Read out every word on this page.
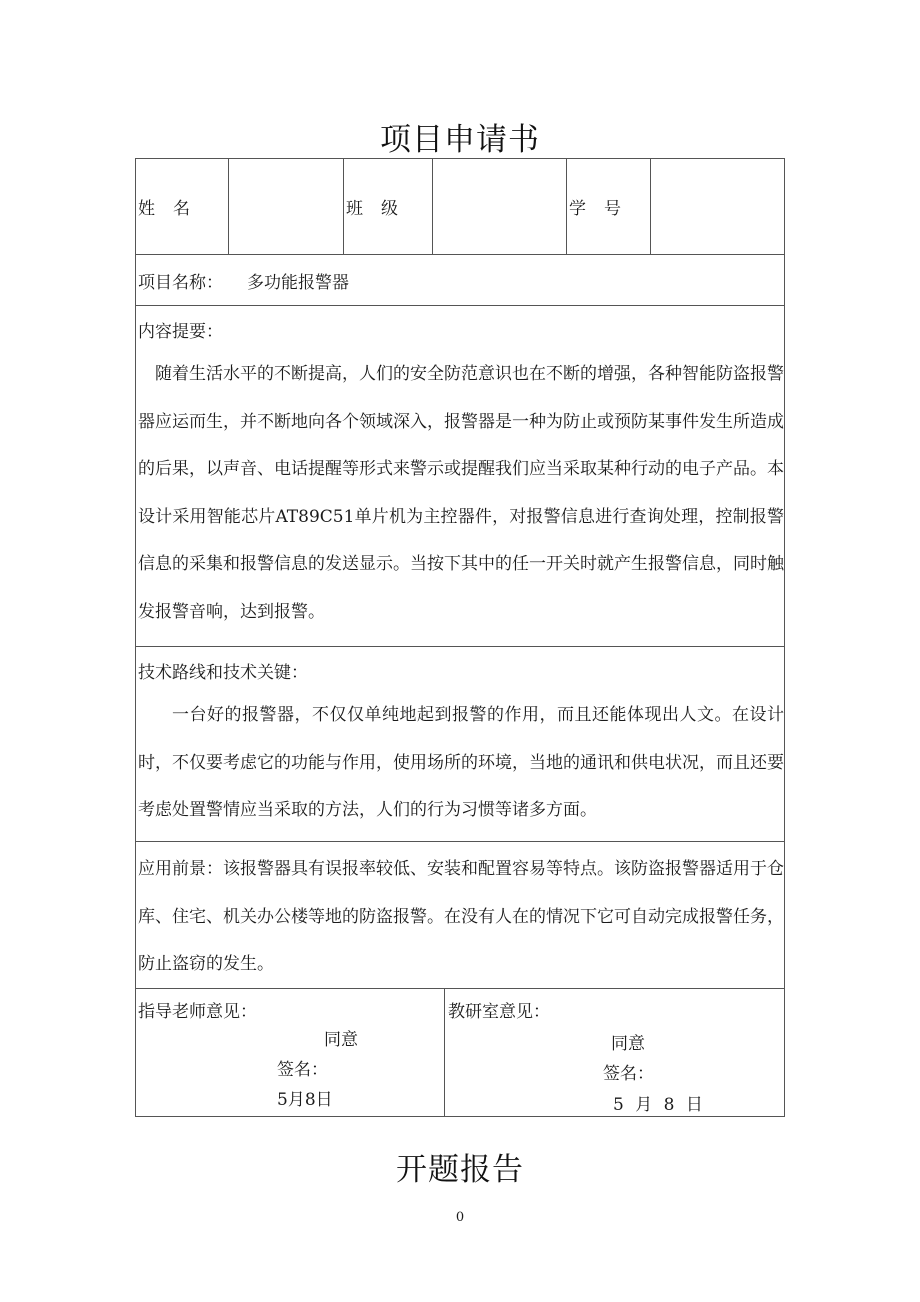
项目申请书
姓名	班级	学号
项目名称： 多功能报警器
内容提要：
随着生活水平的不断提高，人们的安全防范意识也在不断的增强，各种智能防盗报警器应运而生，并不断地向各个领域深入，报警器是一种为防止或预防某事件发生所造成的后果，以声音、电话提醒等形式来警示或提醒我们应当采取某种行动的电子产品。本设计采用智能芯片AT89C51单片机为主控器件，对报警信息进行查询处理，控制报警信息的采集和报警信息的发送显示。当按下其中的任一开关时就产生报警信息，同时触发报警音响，达到报警。
技术路线和技术关键：
一台好的报警器，不仅仅单纯地起到报警的作用，而且还能体现出人文。在设计时，不仅要考虑它的功能与作用，使用场所的环境，当地的通讯和供电状况，而且还要考虑处置警情应当采取的方法，人们的行为习惯等诸多方面。
应用前景：该报警器具有误报率较低、安装和配置容易等特点。该防盗报警器适用于仓库、住宅、机关办公楼等地的防盗报警。在没有人在的情况下它可自动完成报警任务，防止盗窃的发生。
指导老师意见：
同意
签名：
5月8日
教研室意见：
同意
签名：
5 月 8 日
开题报告
0
